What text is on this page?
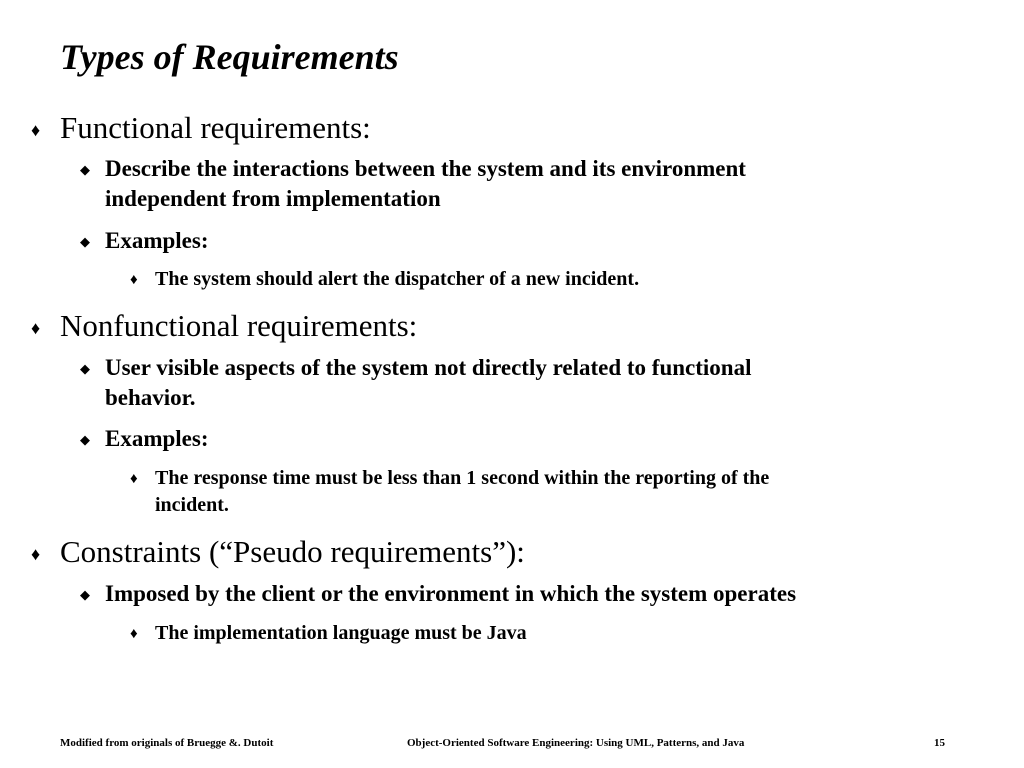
Types of Requirements
♦ Functional requirements:
◆ Describe the interactions between the system and its environment
independent from implementation
◆ Examples:
♦ The system should alert the dispatcher of a new incident.
♦ Nonfunctional requirements:
◆ User visible aspects of the system not directly related to functional
behavior.
◆ Examples:
♦ The response time must be less than 1 second within the reporting of the
incident.
♦ Constraints (“Pseudo requirements”):
◆ Imposed by the client or the environment in which the system operates
♦ The implementation language must be Java
Modified from originals of Bruegge &. Dutoit	Object-Oriented Software Engineering: Using UML, Patterns, and Java	15
